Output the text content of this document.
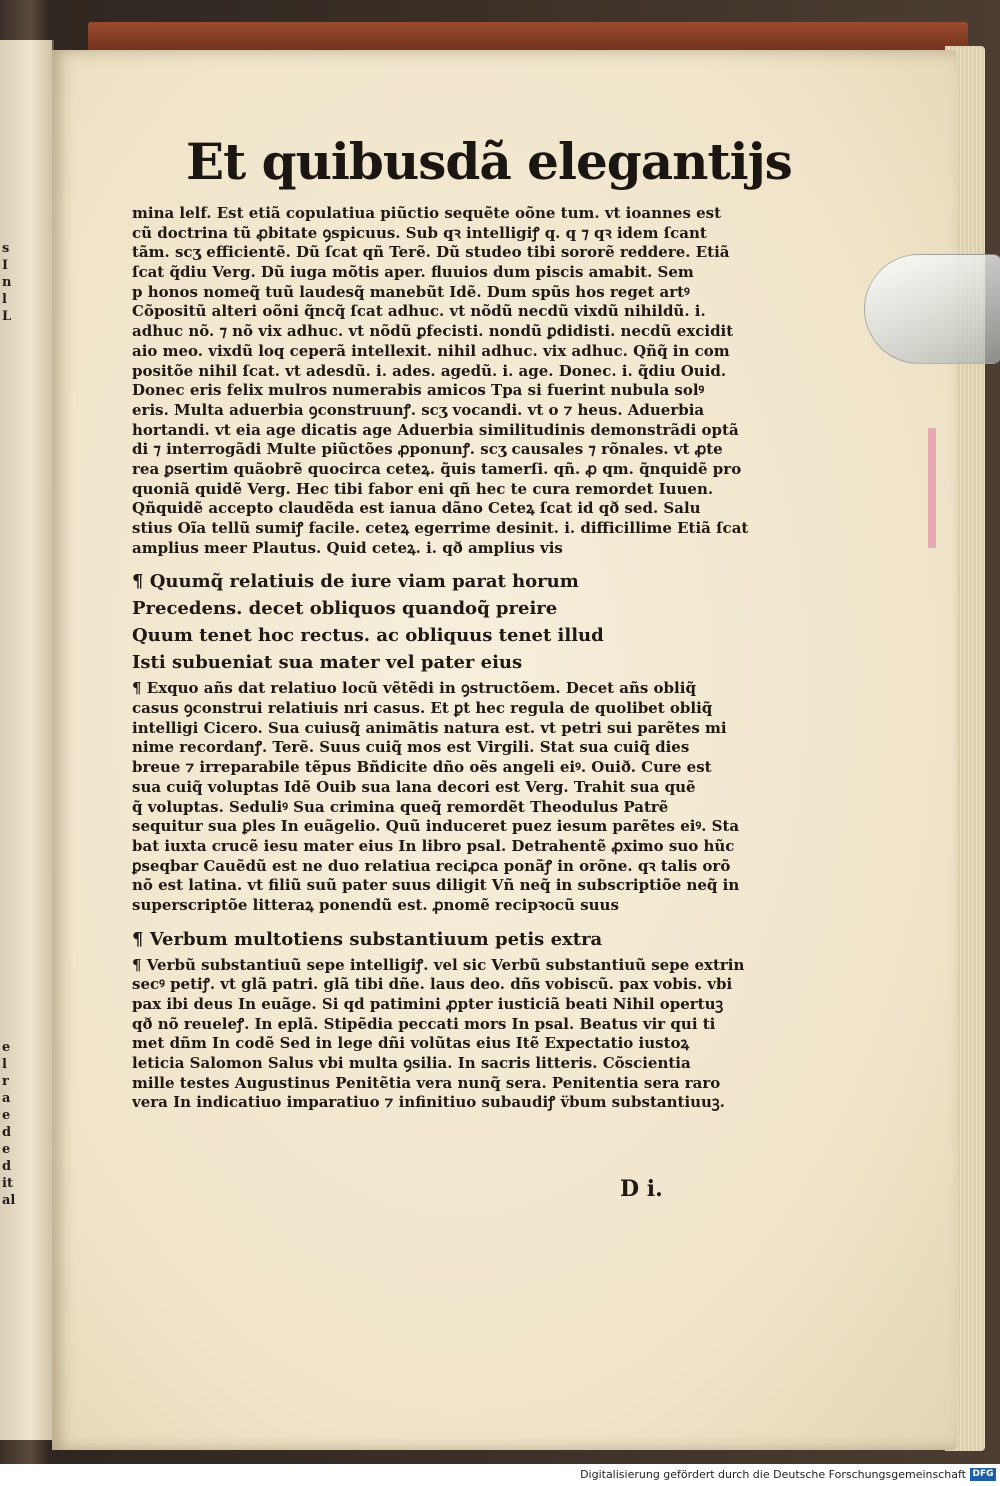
s
I
n
l
L

e
l
r
a
e
d
e
d
it
al
Et quibusdã elegantijs
mina lelf. Est etiã copulatiua piũctio sequẽte oõne tum. vt ioannes est
cũ doctrina tũ ꝓbitate ꝯspicuus. Sub qꝛ intelligiꝭ q. q ⁊ qꝛ idem ſcant
tãm. scʒ efficientẽ. Dũ ſcat qñ Terẽ. Dũ studeo tibi sororẽ reddere. Etiã
ſcat q̃diu Verg. Dũ iuga mõtis aper. fluuios dum piscis amabit. Sem
p honos nomeq̃ tuũ laudesq̃ manebũt Idẽ. Dum spũs hos reget artꝰ
Cõpositũ alteri oõni q̃ncq̃ ſcat adhuc. vt nõdũ necdũ vixdũ nihildũ. i.
adhuc nõ. ⁊ nõ vix adhuc. vt nõdũ ꝑfecisti. nondũ ꝑdidisti. necdũ excidit
aio meo. vixdũ loq ceperã intellexit. nihil adhuc. vix adhuc. Qñq̃ in com
positõe nihil ſcat. vt adesdũ. i. ades. agedũ. i. age. Donec. i. q̃diu Ouid.
Donec eris felix mulros numerabis amicos Tpa si fuerint nubula solꝰ
eris. Multa aduerbia ꝯconstruunꝭ. scʒ vocandi. vt o ⁊ heus. Aduerbia
hortandi. vt eia age dicatis age Aduerbia similitudinis demonstrãdi optã
di ⁊ interrogãdi Multe piũctões ꝓponunꝭ. scʒ causales ⁊ rõnales. vt ꝓte
rea ꝑsertim quãobrẽ quocirca ceteꝝ. q̃uis tamerſi. qñ. ꝓ qm. q̃nquidẽ pro
quoniã quidẽ Verg. Hec tibi fabor eni qñ hec te cura remordet Iuuen.
Qñquidẽ accepto claudẽda est ianua dãno Ceteꝝ ſcat id qð sed. Salu
stius Oĩa tellũ sumiꝭ facile. ceteꝝ egerrime desinit. i. difficillime Etiã ſcat
amplius meer Plautus. Quid ceteꝝ. i. qð amplius vis
¶ Quumq̃ relatiuis de iure viam parat horum
Precedens. decet obliquos quandoq̃ preire
Quum tenet hoc rectus. ac obliquus tenet illud
Isti subueniat sua mater vel pater eius
¶ Exquo añs dat relatiuo locũ vẽtẽdi in ꝯstructõem. Decet añs obliq̃
casus ꝯconstrui relatiuis nri casus. Et ꝑt hec regula de quolibet obliq̃
intelligi Cicero. Sua cuiusq̃ animãtis natura est. vt petri sui parẽtes mi
nime recordanꝭ. Terẽ. Suus cuiq̃ mos est Virgili. Stat sua cuiq̃ dies
breue ⁊ irreparabile tẽpus Bñdicite dño oẽs angeli eiꝰ. Ouið. Cure est
sua cuiq̃ voluptas Idẽ Ouib sua lana decori est Verg. Trahit sua quẽ
q̃ voluptas. Seduliꝰ Sua crimina queq̃ remordẽt Theodulus Patrẽ
sequitur sua ꝑles In euãgelio. Quũ induceret puez iesum parẽtes eiꝰ. Sta
bat iuxta crucẽ iesu mater eius In libro psal. Detrahentẽ ꝓximo suo hũc
ꝑseqbar Cauẽdũ est ne duo relatiua reciꝓca ponãꝭ in orõne. qꝛ talis orõ
nõ est latina. vt filiũ suũ pater suus diligit Vñ neq̃ in subscriptiõe neq̃ in
superscriptõe litteraꝝ ponendũ est. ꝓnomẽ recipꝛocũ suus
¶ Verbum multotiens substantiuum petis extra
¶ Verbũ substantiuũ sepe intelligiꝭ. vel sic Verbũ substantiuũ sepe extrin
secꝰ petiꝭ. vt glã patri. glã tibi dñe. laus deo. dñs vobiscũ. pax vobis. vbi
pax ibi deus In euãge. Si qd patimini ꝓpter iusticiã beati Nihil opertuꝫ
qð nõ reueleꝭ. In eplã. Stipẽdia peccati mors In psal. Beatus vir qui ti
met dñm In codẽ Sed in lege dñi volũtas eius Itẽ Expectatio iustoꝝ
leticia Salomon Salus vbi multa ꝯsilia. In sacris litteris. Cõscientia
mille testes Augustinus Penitẽtia vera nunq̃ sera. Penitentia sera raro
vera In indicatiuo imparatiuo ⁊ infinitiuo subaudiꝭ v̈bum substantiuuꝫ.
D i.
Digitalisierung gefördert durch die Deutsche Forschungsgemeinschaft DFG
